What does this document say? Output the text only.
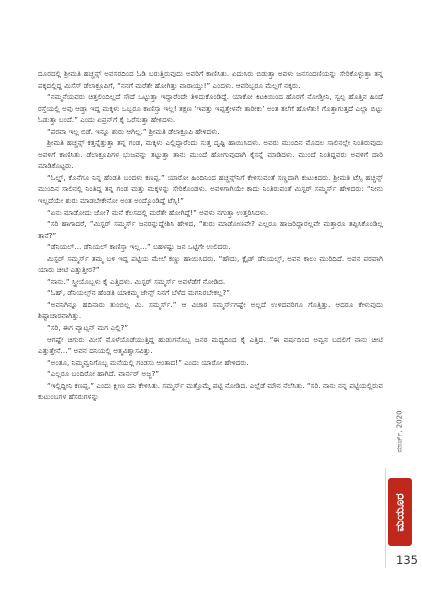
ದೂರದಲ್ಲಿ ಶ್ರೀಮತಿ ಹಚ್ಚನ್ಸ್ ಅವಸರದಿಂದ ಓಡಿ ಬರುತ್ತಿರುವುದು ಅವರಿಗೆ ಕಾಣಿಸಿತು. ಏದುಸಿರು ಬಿಡುತ್ತಾ ಅವಳು ಜನಸಂದಣಿಯನ್ನು ಸೇರಿಕೊಳ್ಳುತ್ತಾ ತನ್ನ ಪಕ್ಕದಲ್ಲಿದ್ದ ಮಿಸೆಸ್ ಡೆಲಾಕ್ರೂಪಿಗೆ, “ನನಗೆ ಮರೆತೇ ಹೋಗಿತ್ತು ವಾರಾಯ್ತು!” ಎಂದಳು. ಆವರಿಬ್ಬರೂ ಮೆಲ್ಲಗೆ ನಕ್ಕರು.

“ನಮ್ಮನೆಯವರು ಚಿತ್ತಲಿಂದಿಲ್ಲದೆ ಸೌದೆ ಒಟ್ಟುತ್ತಾ ಇದ್ದಾರೆಂದೇ ತಿಳಿದುಕೊಂಡಿದ್ದೆ. ಯಾಕೋ ಕಿಟಕಿಯಿಂದ ಹೊರಗೆ ನೋಡ್ತೀನಿ, ಸ್ವಲ್ಪ ಹೊತ್ತಿನ ಹಿಂದೆ ರಸ್ತೆಯಲ್ಲಿ ಅವು ಆಡ್ತಾ ಇದ್ದ ಮಕ್ಕಳು ಒಬ್ಬರೂ ಕಾಣಿಸ್ತಾ ಇಲ್ಲ! ತಕ್ಷಣ ‘ಇವತ್ತು ಇಪ್ಪತ್ತೇಳನೇ ತಾರೀಕು’ ಅಂತ ತಲೆಗೆ ಹೊಳೆತು! ಗೊತ್ತಾಗುತ್ತದೆ ಎಲ್ಲಾ ಬಿಟ್ಟು ಓಡುತ್ತಾ ಬಂದೆ.” ಎಂದು ಏಪ್ರನ್‌ಗೆ ಕೈ ಒರೆಸುತ್ತಾ ಹೇಳಿದಳು.

“ಪರವಾ ಇಲ್ಲ ಬಿಡೆ. ಇನ್ನೂ ಶುರು ಆಗಿಲ್ಲ.” ಶ್ರೀಮತಿ ಡೆಲಾಕ್ರೂಪಿ ಹೇಳಿದಳು.

ಶ್ರೀಮತಿ ಹಚ್ಚನ್ಸ್ ಕತ್ತನ್ನೆತ್ತುತ್ತಾ ತನ್ನ ಗಂಡ, ಮಕ್ಕಳು ಎಲ್ಲಿದ್ದಾರೆಂದು ಸುತ್ತ ದೃಷ್ಟಿ ಹಾಯಿಸಿದಳು. ಅವರು ಮುಂದಿನ ಮೊದಲ ಸಾಲಿನಲ್ಲೇ ನಿಂತಿರುವುದು ಅವಳಿಗೆ ಕಾಣಿಸಿತು. ಡೆಲಾಕ್ರೂಪಿಗಳ ಭುಜವನ್ನು ತಟ್ಟುತ್ತಾ ತಾನು ಮುಂದೆ ಹೋಗುವುದಾಗಿ ಕೈಸನ್ನೆ ಮಾಡಿದಳು. ಮುಂದೆ ನಿಂತಿದ್ದವರು ಅವಳಿಗೆ ದಾರಿ ಮಾಡಿಕೊಟ್ಟರು.

“ಓಲ್ಡ್, ಕೊನೆಗೂ ನಿನ್ನ ಹೆಂಡತಿ ಬಂದಳು ಕಣಪ್ಪ.” ಯಾರೋ ಹಿಂದಿನಿಂದ ಹಚ್ಚನ್ಸ್‌ನಿಗೆ ಕೇಳಿಸುವಂತೆ ಸಣ್ಣದಾಗಿ ಕುಟುಕಿದರು. ಶ್ರೀಮತಿ ಟೆಸ್ಸಿ ಹಚ್ಚನ್ಸ್ ಮುಂದಿನ ಸಾಲಿನಲ್ಲಿ ನಿಂತಿದ್ದ ತನ್ನ ಗಂಡ ಮತ್ತು ಮಕ್ಕಳನ್ನು ಸೇರಿಕೊಂಡಳು. ಅವಳಿಗಾಗಿಯೇ ಕಾದು ನಿಂತಿರುವಂತೆ ಮಿಸ್ಟರ್ ಸಮ್ಮರ್ಸ್ ಹೇಳಿದರು: “ನೀನು ಇಲ್ಲದೆಯೇ ಶುರು ಮಾಡಬೇಕೇನೋ ಅಂತ ಅಂದ್ಕೊಂಡಿದ್ದೆ ಟೆಸ್ಸಿ!”

“ಏನು ಮಾಡೋದು ಜೋ? ಮನೆ ಕೆಲಸದಲ್ಲಿ ಮರೆತೇ ಹೋಗಿದ್ದೆ!” ಅವಳು ನಗುತ್ತಾ ಉತ್ತರಿಸಿದಳು.

“ಸರಿ ಹಾಗಾದರೆ, ”ಮಿಸ್ಟರ್ ಸಮ್ಮರ್ಸ್ ಜನರನ್ನುದ್ದೇಶಿಸಿ ಹೇಳಿದ, “ಶುರು ಮಾಡೋಣವೇ? ಎಲ್ಲರೂ ಹಾಜರಿದ್ದಾರಲ್ಲವೇ ಮತ್ತಾರೂ ತಪ್ಪಿಸಿಕೊಂಡಿಲ್ಲ ತಾನೆ?”

“ಡೆನಿಯಲ್… ಡೆನಿಯಲ್ ಕಾಣಿಸ್ತಾ ಇಲ್ಲ…” ಬಹಳಷ್ಟು ಜನ ಒಟ್ಟಿಗೇ ಉಲಿದರು.

ಮಿಸ್ಟರ್ ಸಮ್ಮರ್ಸ್ ತಮ್ಮ ಬಳಿ ಇದ್ದ ಪಟ್ಟಿಯ ಮೇಲೆ ಕಣ್ಣು ಹಾಯಿಸಿದರು. “ಹೌದು, ಕ್ಲೈಡ್ ಡೆನಿಯಲ್ಸ್, ಅವನ ಕಾಲು ಮುರಿದಿದೆ. ಅವನ ಪರವಾಗಿ ಯಾರು ಚೀಟಿ ಎತ್ತುತ್ತೀರ?”

“ನಾನು.” ಸ್ತ್ರೀಯೊಬ್ಬಳು ಕೈ ಎತ್ತಿದಳು. ಮಿಸ್ಟರ್ ಸಮ್ಮರ್ಸ್ ಅವಳೆಡೆಗೆ ನೋಡಿದ.

“ಓಹ್, ಡೆನಿಯಲ್ಸ್‌ನ ಹೆಂಡತಿ ಯಾಕಮ್ಮ ಜೇನ್ಸ್ ನಿನಗೆ ಬೆಳೆದ ಮಗನಿರಬೇಕಲ್ಲ?”

“ಅವನಿಗಿನ್ನೂ ಹದಿನಾರು ತುಂಬಿಲ್ಲ ಮಿ. ಸಮ್ಮರ್ಸ್.” ಆ ವಿಚಾರ ಸಮ್ಮರ್ಸ್‌ಗಷ್ಟೇ ಅಲ್ಲದೆ ಉಳಿದವರಿಗೂ ಗೊತ್ತಿತ್ತು. ಆದರೂ ಕೇಳುವುದು ಶಿಷ್ಟಾಚಾರವಾಗಿತ್ತು.

“ಸರಿ, ಈಗ ವ್ಯಾಟ್ಸನ್ ಮಗ ಎಲ್ಲಿ?”

ಆಗಷ್ಟೇ ಚಿಗುರು ಮೀಸೆ ಮೊಳೆಯೊಡೆಯುತ್ತಿದ್ದ ಹುಡುಗನೊಬ್ಬ ಜನರ ಮಧ್ಯದಿಂದ ಕೈ ಎತ್ತಿದ. “ಈ ವರ್ಷದಿಂದ ಅವ್ವನ ಬದಲಿಗೆ ನಾನು ಚೀಟಿ ಎತ್ತುತ್ತೇನೆ…” ಅವನ ದನಿಯಲ್ಲಿ ಆತ್ಮವಿಶ್ವಾಸವಿತ್ತು.

“ಅಂತೂ, ನಿಮ್ಮವ್ವನಿಗೊಬ್ಬ ಮನೆಯಲ್ಲಿ ಗಂಡಸು ಆಂತಾದ!” ಎಂದು ಯಾರೋ ಹೇಳಿದರು.

“ಎಲ್ಲರೂ ಬಂದಿರೋ ಹಾಗಿದೆ. ವಾರ್ನರ್ ಅಜ್ಜ?”

“ಇಲ್ಲಿದ್ದೀನಿ ಕಣಪ್ಪ,” ಎಂದು ಕ್ಷೀಣ ದನಿ ಕೇಳಿಸಿತು. ಸಮ್ಮರ್ಸ್ ಮತ್ತೊಮ್ಮೆ ಪಟ್ಟಿ ನೋಡಿದ. ಎಲ್ಲೆಡೆ ಮೌನ ನೆಲೆಸಿತು. “ಸರಿ. ನಾನು ನನ್ನ ಪಟ್ಟಿಯಲ್ಲಿರುವ ಕುಟುಂಬಗಳ ಹೆಸರುಗಳನ್ನು

ಮಾರ್ಚ್, 2020
ಮಯೂರ
135
